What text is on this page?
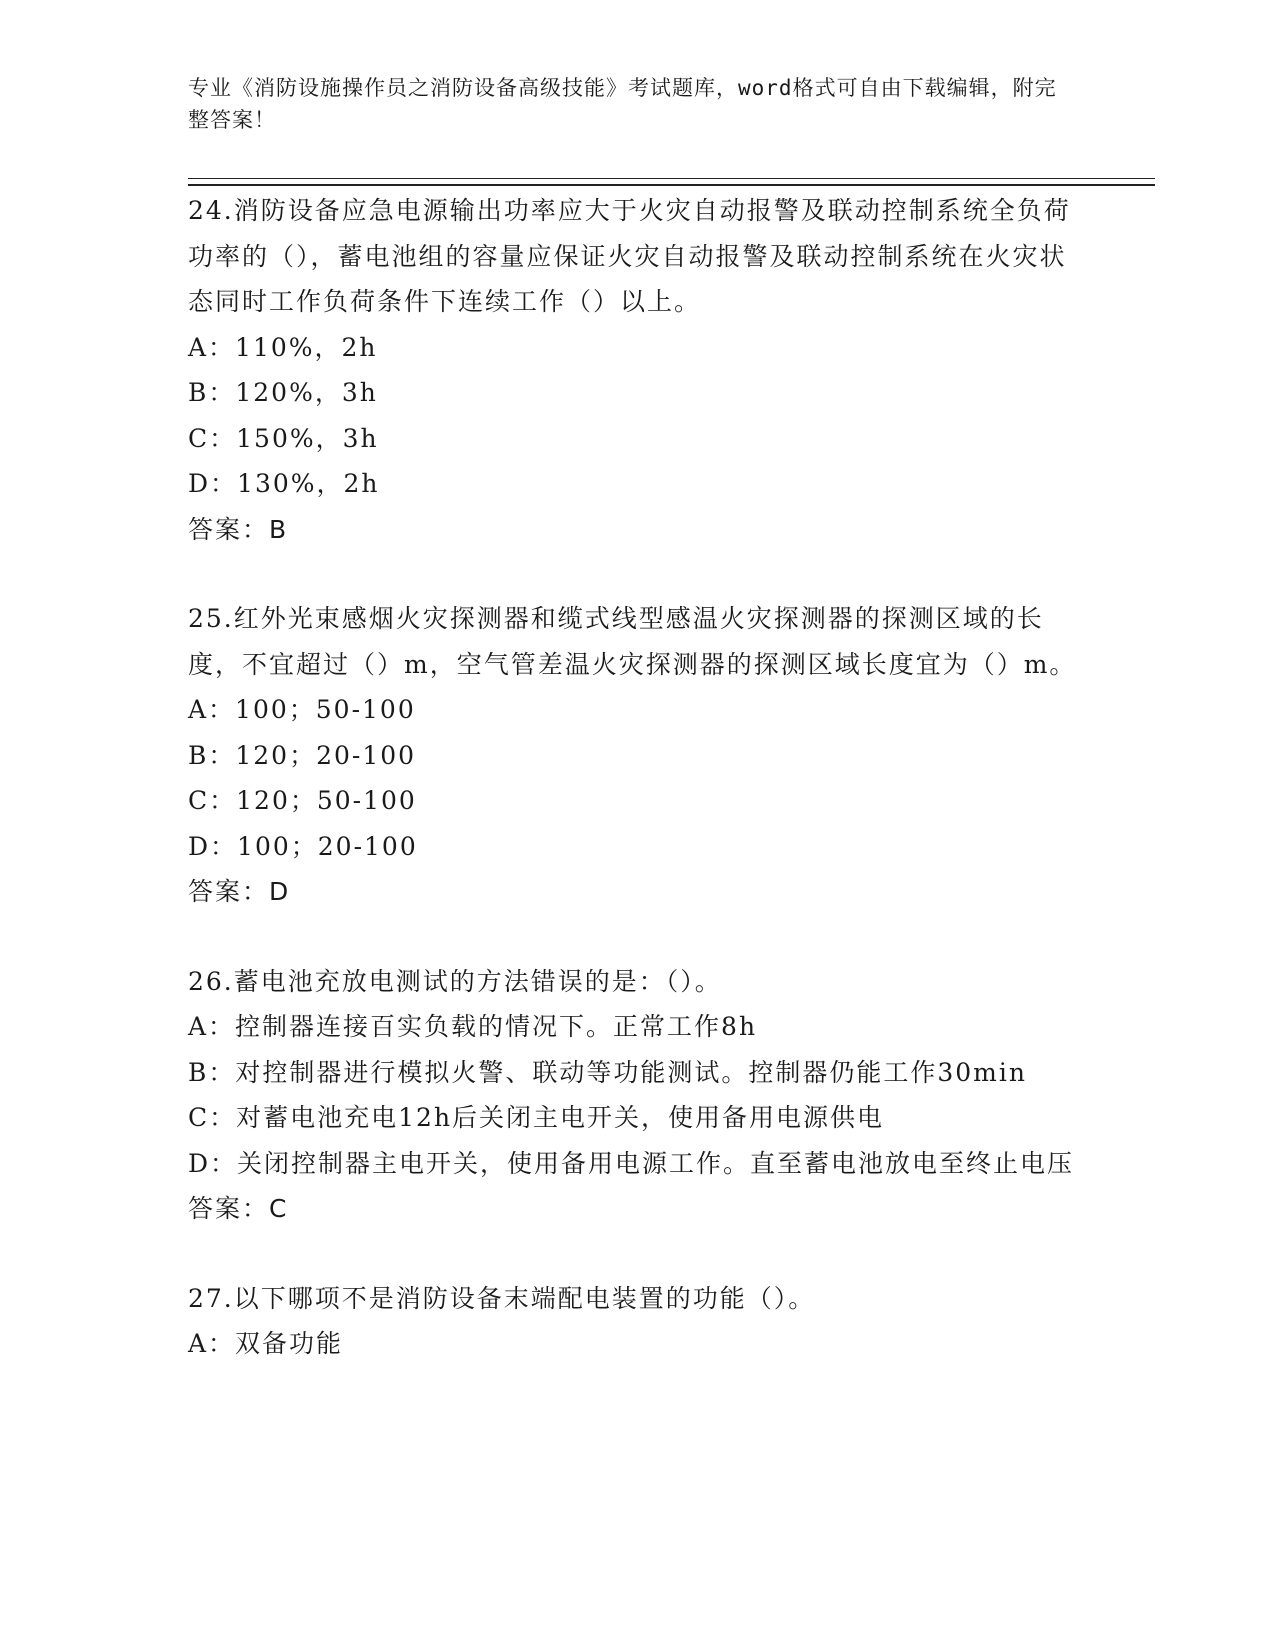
专业《消防设施操作员之消防设备高级技能》考试题库，word格式可自由下载编辑，附完整答案！

24.消防设备应急电源输出功率应大于火灾自动报警及联动控制系统全负荷功率的（），蓄电池组的容量应保证火灾自动报警及联动控制系统在火灾状态同时工作负荷条件下连续工作（）以上。

A：110%，2h

B：120%，3h

C：150%，3h

D：130%，2h

答案：B

25.红外光束感烟火灾探测器和缆式线型感温火灾探测器的探测区域的长度，不宜超过（）m，空气管差温火灾探测器的探测区域长度宜为（）m。

A：100；50-100

B：120；20-100

C：120；50-100

D：100；20-100

答案：D

26.蓄电池充放电测试的方法错误的是：（）。

A：控制器连接百实负载的情况下。正常工作8h

B：对控制器进行模拟火警、联动等功能测试。控制器仍能工作30min

C：对蓄电池充电12h后关闭主电开关，使用备用电源供电

D：关闭控制器主电开关，使用备用电源工作。直至蓄电池放电至终止电压

答案：C

27.以下哪项不是消防设备末端配电装置的功能（）。

A：双备功能
